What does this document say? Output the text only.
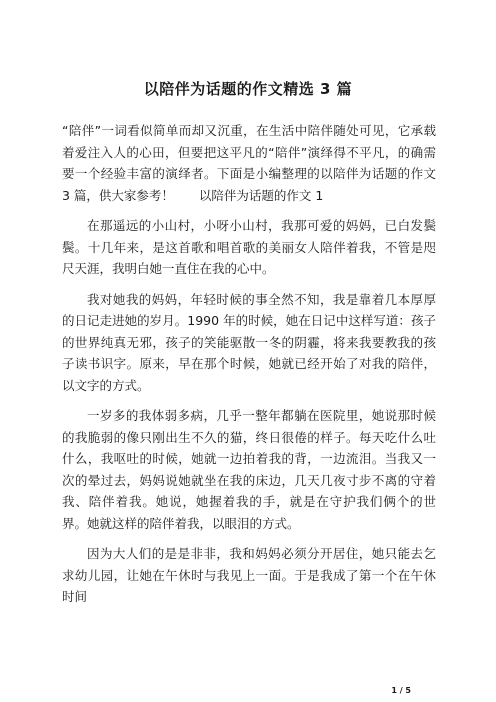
以陪伴为话题的作文精选 3 篇

“陪伴”一词看似简单而却又沉重，在生活中陪伴随处可见，它承载着爱注入人的心田，但要把这平凡的“陪伴”演绎得不平凡，的确需要一个经验丰富的演绎者。下面是小编整理的以陪伴为话题的作文 3 篇，供大家参考！　　以陪伴为话题的作文 1

在那遥远的小山村，小呀小山村，我那可爱的妈妈，已白发鬓鬓。十几年来，是这首歌和唱首歌的美丽女人陪伴着我，不管是咫尺天涯，我明白她一直住在我的心中。

我对她我的妈妈，年轻时候的事全然不知，我是靠着几本厚厚的日记走进她的岁月。1990 年的时候，她在日记中这样写道：孩子的世界纯真无邪，孩子的笑能驱散一冬的阴霾，将来我要教我的孩子读书识字。原来，早在那个时候，她就已经开始了对我的陪伴，以文字的方式。

一岁多的我体弱多病，几乎一整年都躺在医院里，她说那时候的我脆弱的像只刚出生不久的猫，终日很倦的样子。每天吃什么吐什么，我呕吐的时候，她就一边拍着我的背，一边流泪。当我又一次的晕过去，妈妈说她就坐在我的床边，几天几夜寸步不离的守着我、陪伴着我。她说，她握着我的手，就是在守护我们俩个的世界。她就这样的陪伴着我，以眼泪的方式。

因为大人们的是是非非，我和妈妈必须分开居住，她只能去乞求幼儿园，让她在午休时与我见上一面。于是我成了第一个在午休时间

1 / 5
